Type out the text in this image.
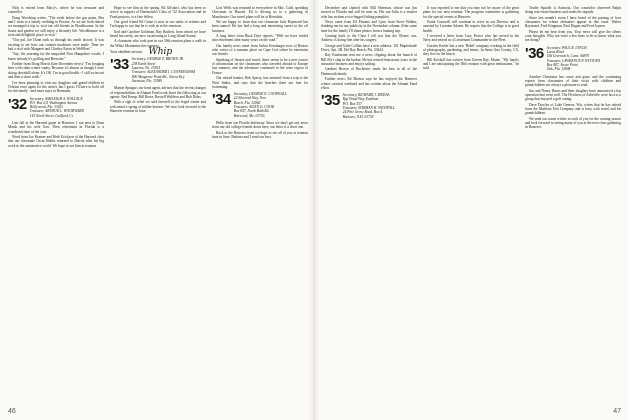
Nick is retired from Macy's, where he was treasurer and controller.

Doug Woodring writes, "The week before the gas pains, Bea and I went to a family wedding in Boston. As we are both retired we managed a trip to visit our old friends in Woodbourne. In the house and garden we still enjoy a leisurely life. Woodbourne is a twin and delightful place to visit."

"Our pal, Joe Dunn took us through his ranch factory. It was exciting to see how our counter machines were made. Then we had a visit with Margaret and Charley Eaton in Wellfleet."

"Say, I'm yearning for the unspoiled New Hampshire woods. I know already it's golfing and Brewster."

Further from Doug Morris (late December news): "I'm foraging here with cabin winter vanity. Because it's almost as though I were skiing downhill alone. It's OK. I'm in good health - I still swim out and then a short walk."

I've been planning to visit my daughter and grand-children in Orleans once again for the winter, but I guess I'll have to hold off for the family - and more stays in Bermuda.

'32 Secretary, ASHLEIGH A. WALLACE
P.O. Box 211 Washington Avenue
Hollywood, Fla. 33021
Treasurer, ARTHUR L. WOODWARD
143 North Street, Guilford, Ct.

Last fall at the Harvard game in Hanover, I ran next to Dean Marsh and his wife Gen. Their retirement in Florida is a wonderful time of the year.

Word from Joe Kramer and Herb Erickson of the Harvard class that our classmate Oscar Hobbs returned to Detroit after his big work in the automotive world. We hope to see him at reunion.

Hope to see him in the spring. Ed Gilsdorf, who has been so active in support of Dartmouth's Class of '32 Association and its Fund projects, is a fine fellow.

Our good friend Ed Crane is now in our ranks of retirees and I'm happy to say that he is with us at the reunions.

Earl and Caroline Goldman, Ray Bartlett, from whom we have heard but rarely, are now vacationing in Long Island Sound.

A classmate who took part in our 50th reunion plans a walk in the White Mountains this summer.

Your obedient servant, Whip
'33 Secretary, GEORGE F. BROWN JR.
238 Earth Street
Laurens, Pa. 15924
Treasurer, ALEXANDER I. CUNNINGHAM
800 Mangrove Point Rd., Sierra Key
Sarasota, Fla. 33580

Mamie Sprague, our head agent, advises that the recent changes of responsibilities in Alumni Fund work leave the following as our agents: Ned Kemp, Bill Rowe, Russell Waldron and Bob Dales.

With a sigh of relief we said farewell to the frigid winter and welcomed a spring of milder breezes. We now look forward to the Hanover reunion in June.

Lois Wells was returned to everywhere in Mac. Calif. spending Christmas in Hawaii. Ed is driving us to a gathering in Manchester. Our travel plans will be at Honolulu.

We are happy to learn that our classmate Jack Raymond has been named. He has had a long and interesting career in the oil business.

A long letter from Buck Dyer reports: "Well we have settled into retirement after many years on the road."

Our family news came from Arthur Ernsburger now of Boston who writes of a summer place on Cape Cod where he entertains our friends.

Speaking of theatre and travel, there seems to be a new source of information on the classmates who traveled abroad to Europe last summer, and the adventure continued to the wine region of France.

Our retired banker, Bob Sperry, has returned from a trip to the West Indies, and says that the beaches there are fine for swimming.

'34 Secretary, GEORGE E. COOPWALL
22 Silveroid Way, Vero
Beach, Fla. 32960
Treasurer, AILEN G. COOK
Box 847, North Bath Rd.
Harwood, Me. 03755

Hello from our Florida hideaway. Since we don't get any news from our old college friends down here, our letter is a short one.

Back to the Hanover front we hope to see all of you at reunion time in June. Barbara and I send our best.

46

December and chatted with Bill Sherman, whose son has moved to Florida and will be near us. His son John is a teacher who has written a two-legged fishing pamphlet.

News came from Ed Pizzano and Lynn from Steve Walker, thinking me for my publicity in the November column. After some time for the family I'll share photos from a hunting trip.

Coming back to the Class I tell you that the Olsens' son, Andrew, is doing fine after his surgery.

George and Gabe Collins have a new address: 101 Mapleshade Drive, Apt. 2B, Del Ray Beach, Fla. 33444.

Ray Kaufmann sent me a news clipping about the launch of Bill Ely's ship in the harbor. He has retired from many years in the insurance business and enjoys sailing.

Gardner Brown of Rochester sends his best to all of the Dartmouth family.

Further news: Ed Morton says he has enjoyed the Hanover winter carnival weekend and has written about the Alumni Fund effort.

'35 Secretary, RICHARD J. MEDAS
Ryp Woad Way, Eastham
P.O. Box 557
Treasurer, NORMAN H. WESTFALL
24 Pine Grove Road, Box 4
Hanover, N.H. 03755

It was reported to me that you may not be aware of the great plans for our next reunion. The program committee is gathering for the special events at Hanover.

Frank Cornwell will continue to serve as our Director and is assisted by Lorraine Adams. He reports that the College is in good health.

I received a letter from Lucy Pearce who has served in the Navy and retired as a Lieutenant Commander in the Fleet.

Gordon Keeler has a new 'Rebel' company working in the field of photography, gardening, and tennis. In Santa Ana County, CA, they live on the beach.

Bill Kriskoll has written from Greens Bay, Maine. "My family and I are anticipating the 50th reunion with great enthusiasm," he said.

Trudie Spaulle is Sarasota. Our counselor observed Ralph doing real estate business and sends his regards.

Since last month's event I have heard of the passing of four classmates for whom obituaries appear in this issue. Walter Raymond, Fred Kingman, Paul Dugan and Fred Jopson.

Please let me hear from you. Your news will give the others your thoughts. Why not write a few lines to let us know what you are doing?

'36 Secretary, PAUL R. LYNCH
Lucas Road
Old Greenwich, Conn. 06870
Treasurer, LAWRENCE P. WITTGEN
Box 487, Stowe Point
Oak, Fla. 32808

Another Christmas has come and gone, and the continuing reports from classmates of their visits with children and grandchildren are always a pleasure to read.

Jim and Nancy Burns and their daughter have announced a hip operation that went well. The Fletchers of Asheville were host to a group that enjoyed a golf outing.

Dave Dowley of Lake Geneva, Wis. writes that he has retired from the Madison Soft Company and is busy with travel and his grandchildren.

We send our warm wishes to each of you for the coming season and look forward to seeing many of you at the next class gathering in Hanover.

47
